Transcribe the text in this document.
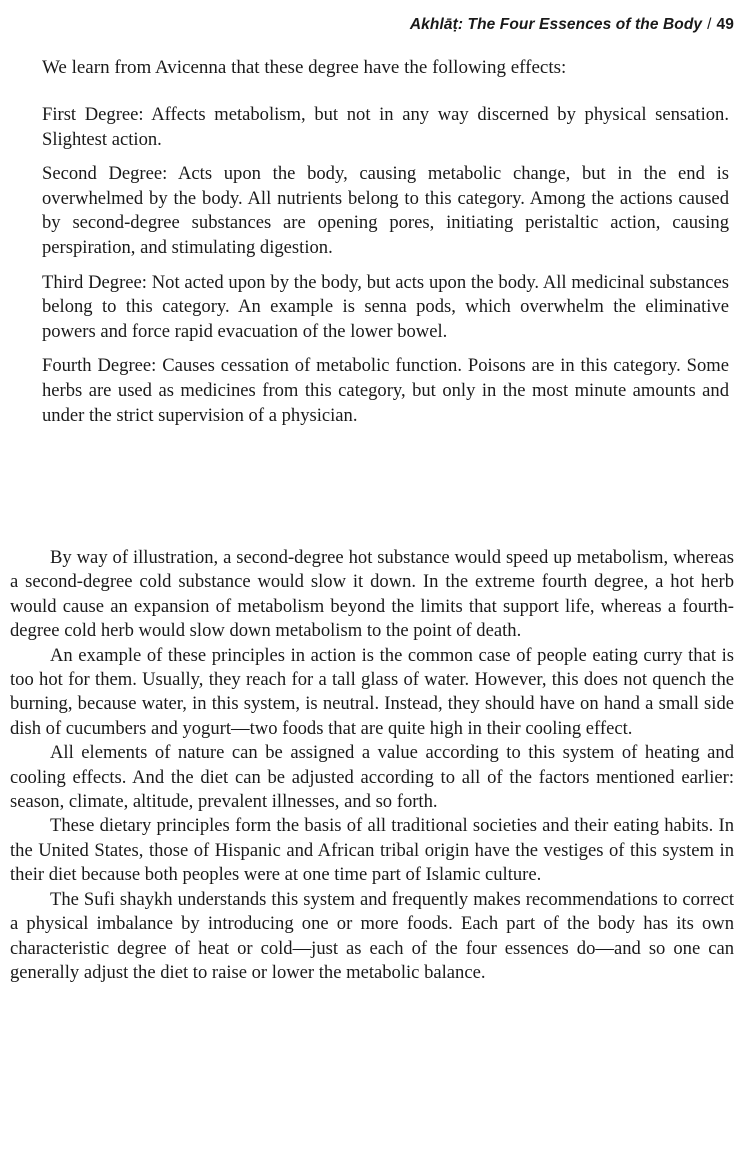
Akhlāṭ: The Four Essences of the Body / 49

We learn from Avicenna that these degree have the following effects:

First Degree: Affects metabolism, but not in any way discerned by physical sensation. Slightest action.

Second Degree: Acts upon the body, causing metabolic change, but in the end is overwhelmed by the body. All nutrients belong to this category. Among the actions caused by second-degree substances are opening pores, initiating peristaltic action, causing perspiration, and stimulating digestion.

Third Degree: Not acted upon by the body, but acts upon the body. All medicinal substances belong to this category. An example is senna pods, which overwhelm the eliminative powers and force rapid evacuation of the lower bowel.

Fourth Degree: Causes cessation of metabolic function. Poisons are in this category. Some herbs are used as medicines from this category, but only in the most minute amounts and under the strict supervision of a physician.

By way of illustration, a second-degree hot substance would speed up metabolism, whereas a second-degree cold substance would slow it down. In the extreme fourth degree, a hot herb would cause an expansion of metabolism beyond the limits that support life, whereas a fourth-degree cold herb would slow down metabolism to the point of death.

An example of these principles in action is the common case of people eating curry that is too hot for them. Usually, they reach for a tall glass of water. However, this does not quench the burning, because water, in this system, is neutral. Instead, they should have on hand a small side dish of cucumbers and yogurt—two foods that are quite high in their cooling effect.

All elements of nature can be assigned a value according to this system of heating and cooling effects. And the diet can be adjusted according to all of the factors mentioned earlier: season, climate, altitude, prevalent illnesses, and so forth.

These dietary principles form the basis of all traditional societies and their eating habits. In the United States, those of Hispanic and African tribal origin have the vestiges of this system in their diet because both peoples were at one time part of Islamic culture.

The Sufi shaykh understands this system and frequently makes recommendations to correct a physical imbalance by introducing one or more foods. Each part of the body has its own characteristic degree of heat or cold—just as each of the four essences do—and so one can generally adjust the diet to raise or lower the metabolic balance.
